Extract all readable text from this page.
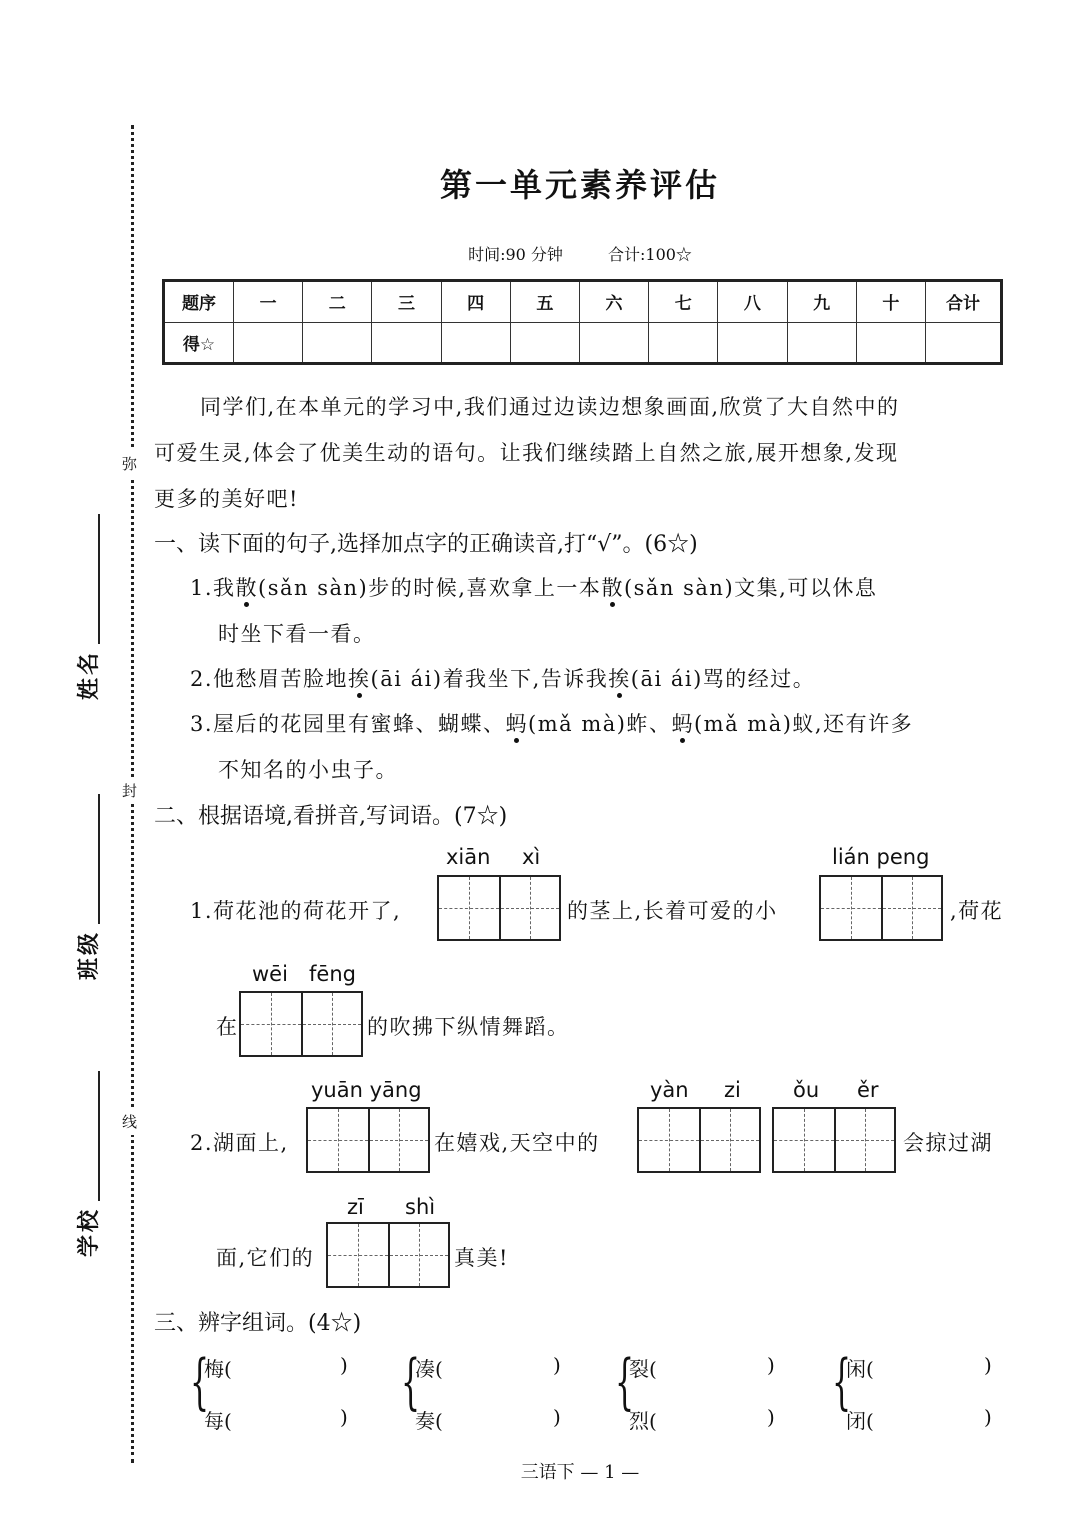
弥
封
线
姓名
班级
学校
第一单元素养评估
时间:90 分钟	合计:100☆
题序	一	二	三	四	五	六	七	八	九	十	合计
得☆											
同学们,在本单元的学习中,我们通过边读边想象画面,欣赏了大自然中的
可爱生灵,体会了优美生动的语句。让我们继续踏上自然之旅,展开想象,发现
更多的美好吧!
一、读下面的句子,选择加点字的正确读音,打“√”。(6☆)
1.我散(sǎn sàn)步的时候,喜欢拿上一本散(sǎn sàn)文集,可以休息
时坐下看一看。
2.他愁眉苦脸地挨(āi ái)着我坐下,告诉我挨(āi ái)骂的经过。
3.屋后的花园里有蜜蜂、蝴蝶、蚂(mǎ mà)蚱、蚂(mǎ mà)蚁,还有许多
不知名的小虫子。
二、根据语境,看拼音,写词语。(7☆)
xiān xì
1.荷花池的荷花开了,	的茎上,长着可爱的小
lián peng
,荷花
wēi fēng
在	的吹拂下纵情舞蹈。
yuān yāng	yàn zi ǒu ěr
2.湖面上,	在嬉戏,天空中的	会掠过湖
zī shì
面,它们的	真美!
三、辨字组词。(4☆)
{
梅(	)
每(	) {
凑(	)
奏(	) {
裂(	)
烈(	) {
闲(	)
闭(	)
三语下 — 1 —
